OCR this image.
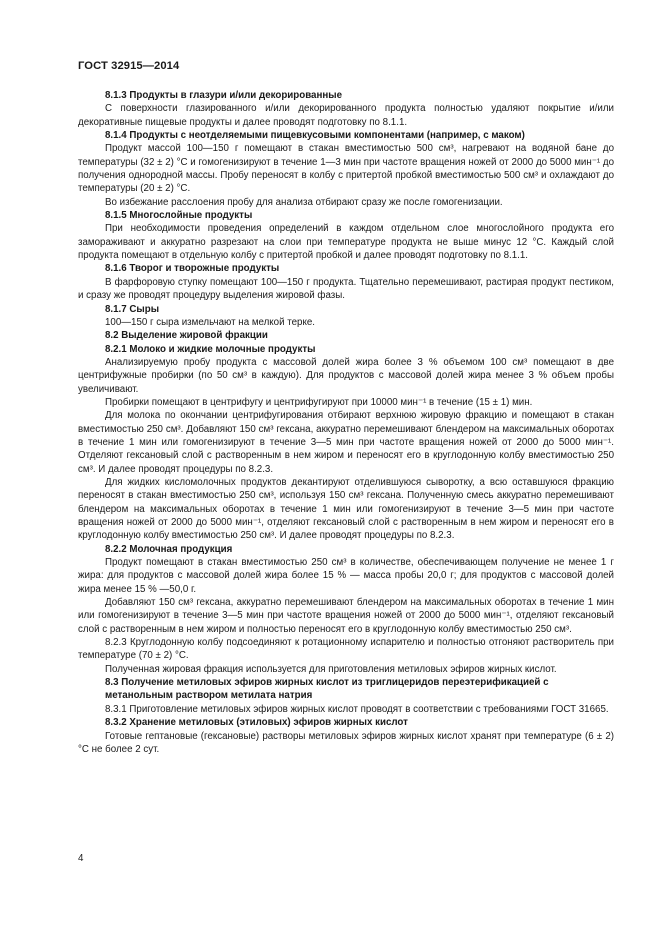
ГОСТ 32915—2014

8.1.3 Продукты в глазури и/или декорированные

С поверхности глазированного и/или декорированного продукта полностью удаляют покрытие и/или декоративные пищевые продукты и далее проводят подготовку по 8.1.1.

8.1.4 Продукты с неотделяемыми пищевкусовыми компонентами (например, с маком)

Продукт массой 100—150 г помещают в стакан вместимостью 500 см³, нагревают на водяной бане до температуры (32 ± 2) °C и гомогенизируют в течение 1—3 мин при частоте вращения ножей от 2000 до 5000 мин⁻¹ до получения однородной массы. Пробу переносят в колбу с притертой пробкой вместимостью 500 см³ и охлаждают до температуры (20 ± 2) °C.

Во избежание расслоения пробу для анализа отбирают сразу же после гомогенизации.

8.1.5 Многослойные продукты

При необходимости проведения определений в каждом отдельном слое многослойного продукта его замораживают и аккуратно разрезают на слои при температуре продукта не выше минус 12 °C. Каждый слой продукта помещают в отдельную колбу с притертой пробкой и далее проводят подготовку по 8.1.1.

8.1.6 Творог и творожные продукты

В фарфоровую ступку помещают 100—150 г продукта. Тщательно перемешивают, растирая продукт пестиком, и сразу же проводят процедуру выделения жировой фазы.

8.1.7 Сыры

100—150 г сыра измельчают на мелкой терке.

8.2 Выделение жировой фракции

8.2.1 Молоко и жидкие молочные продукты

Анализируемую пробу продукта с массовой долей жира более 3 % объемом 100 см³ помещают в две центрифужные пробирки (по 50 см³ в каждую). Для продуктов с массовой долей жира менее 3 % объем пробы увеличивают.

Пробирки помещают в центрифугу и центрифугируют при 10000 мин⁻¹ в течение (15 ± 1) мин.

Для молока по окончании центрифугирования отбирают верхнюю жировую фракцию и помещают в стакан вместимостью 250 см³. Добавляют 150 см³ гексана, аккуратно перемешивают блендером на максимальных оборотах в течение 1 мин или гомогенизируют в течение 3—5 мин при частоте вращения ножей от 2000 до 5000 мин⁻¹. Отделяют гексановый слой с растворенным в нем жиром и переносят его в круглодонную колбу вместимостью 250 см³. И далее проводят процедуры по 8.2.3.

Для жидких кисломолочных продуктов декантируют отделившуюся сыворотку, а всю оставшуюся фракцию переносят в стакан вместимостью 250 см³, используя 150 см³ гексана. Полученную смесь аккуратно перемешивают блендером на максимальных оборотах в течение 1 мин или гомогенизируют в течение 3—5 мин при частоте вращения ножей от 2000 до 5000 мин⁻¹, отделяют гексановый слой с растворенным в нем жиром и переносят его в круглодонную колбу вместимостью 250 см³. И далее проводят процедуры по 8.2.3.

8.2.2 Молочная продукция

Продукт помещают в стакан вместимостью 250 см³ в количестве, обеспечивающем получение не менее 1 г жира: для продуктов с массовой долей жира более 15 % — масса пробы 20,0 г; для продуктов с массовой долей жира менее 15 % —50,0 г.

Добавляют 150 см³ гексана, аккуратно перемешивают блендером на максимальных оборотах в течение 1 мин или гомогенизируют в течение 3—5 мин при частоте вращения ножей от 2000 до 5000 мин⁻¹, отделяют гексановый слой с растворенным в нем жиром и полностью переносят его в круглодонную колбу вместимостью 250 см³.

8.2.3 Круглодонную колбу подсоединяют к ротационному испарителю и полностью отгоняют растворитель при температуре (70 ± 2) °C.

Полученная жировая фракция используется для приготовления метиловых эфиров жирных кислот.

8.3 Получение метиловых эфиров жирных кислот из триглицеридов переэтерификацией с метанольным раствором метилата натрия

8.3.1 Приготовление метиловых эфиров жирных кислот проводят в соответствии с требованиями ГОСТ 31665.

8.3.2 Хранение метиловых (этиловых) эфиров жирных кислот

Готовые гептановые (гексановые) растворы метиловых эфиров жирных кислот хранят при температуре (6 ± 2) °C не более 2 сут.

4
